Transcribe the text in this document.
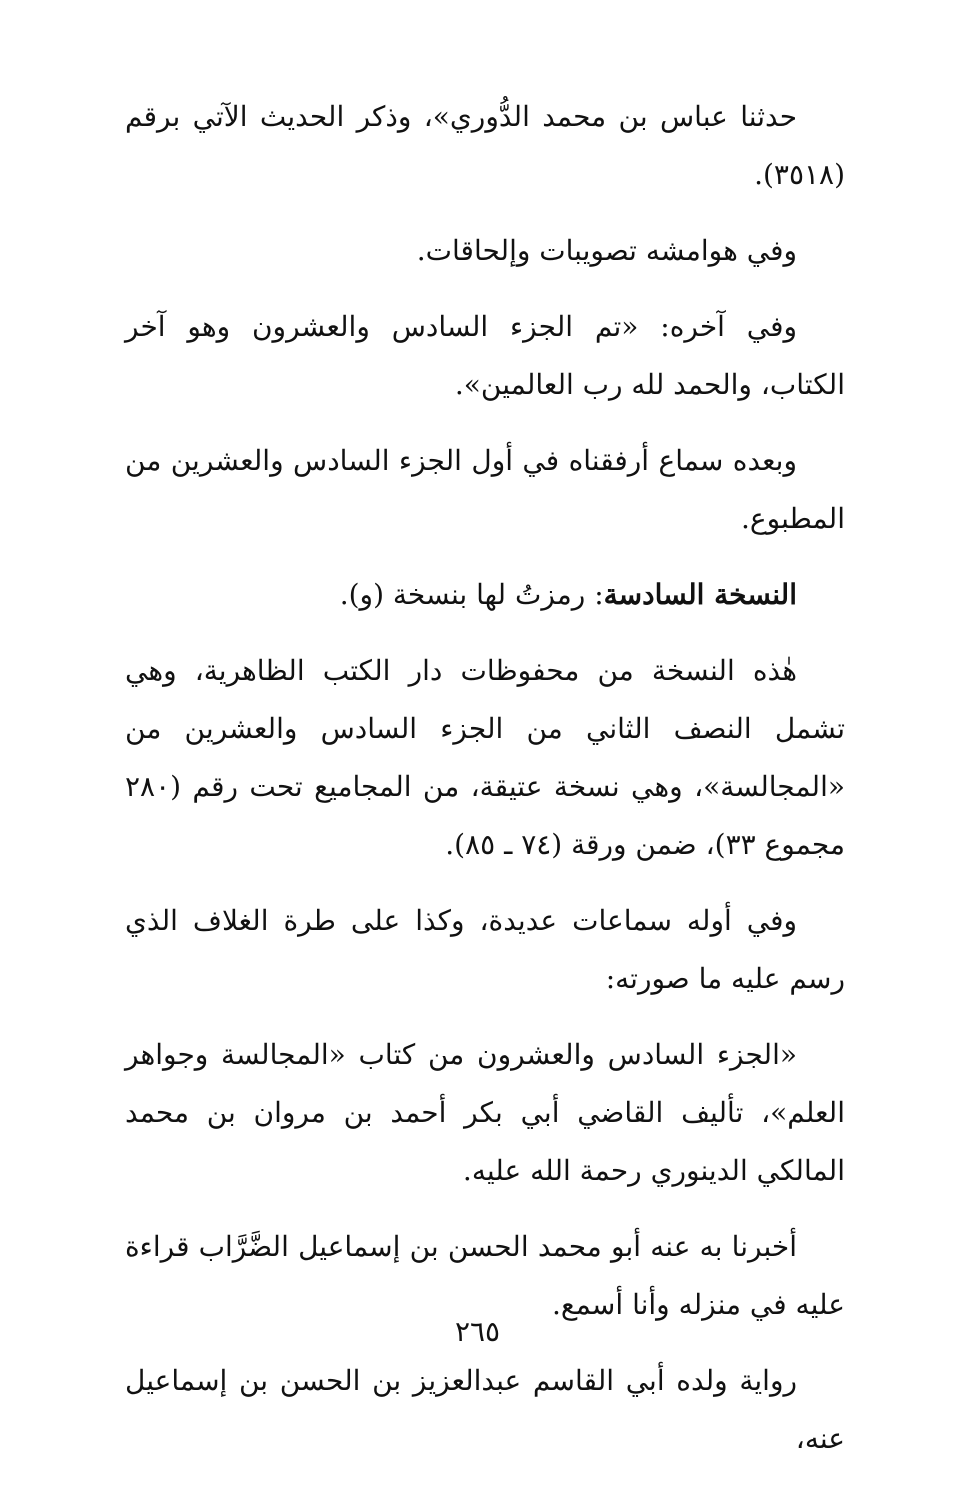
حدثنا عباس بن محمد الدُّوري»، وذكر الحديث الآتي برقم (٣٥١٨).

وفي هوامشه تصويبات وإلحاقات.

وفي آخره: «تم الجزء السادس والعشرون وهو آخر الكتاب، والحمد لله رب العالمين».

وبعده سماع أرفقناه في أول الجزء السادس والعشرين من المطبوع.

النسخة السادسة: رمزتُ لها بنسخة (و).

هٰذه النسخة من محفوظات دار الكتب الظاهرية، وهي تشمل النصف الثاني من الجزء السادس والعشرين من «المجالسة»، وهي نسخة عتيقة، من المجاميع تحت رقم (٢٨٠ مجموع ٣٣)، ضمن ورقة (٧٤ ـ ٨٥).

وفي أوله سماعات عديدة، وكذا على طرة الغلاف الذي رسم عليه ما صورته:

«الجزء السادس والعشرون من كتاب «المجالسة وجواهر العلم»، تأليف القاضي أبي بكر أحمد بن مروان بن محمد المالكي الدينوري رحمة الله عليه.

أخبرنا به عنه أبو محمد الحسن بن إسماعيل الضَّرَّاب قراءة عليه في منزله وأنا أسمع.

رواية ولده أبي القاسم عبدالعزيز بن الحسن بن إسماعيل عنه،

٢٦٥
